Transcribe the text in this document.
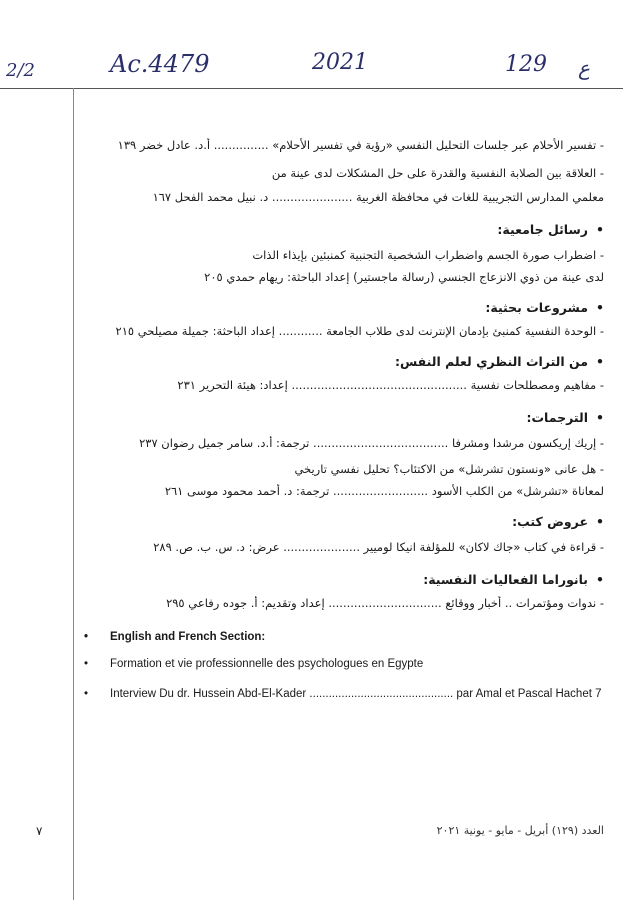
2/2	Ac.4479	2021	129 ع
- تفسير الأحلام عبر جلسات التحليل النفسي «رؤية في تفسير الأحلام» ............... أ.د. عادل خضر ١٣٩
- العلاقة بين الصلابة النفسية والقدرة على حل المشكلات لدى عينة من
معلمي المدارس التجريبية للغات في محافظة الغربية ...................... د. نبيل محمد الفحل ١٦٧
•رسائل جامعية:
- اضطراب صورة الجسم واضطراب الشخصية التجنبية كمنبئين بإيذاء الذات
لدى عينة من ذوي الانزعاج الجنسي (رسالة ماجستير) إعداد الباحثة: ريهام حمدي ٢٠٥
•مشروعات بحثية:
- الوحدة النفسية كمنبئ بإدمان الإنترنت لدى طلاب الجامعة ............ إعداد الباحثة: جميلة مصيلحي ٢١٥
•من التراث النظري لعلم النفس:
- مفاهيم ومصطلحات نفسية ................................................ إعداد: هيئة التحرير ٢٣١
•الترجمات:
- إريك إريكسون مرشدا ومشرفا ..................................... ترجمة: أ.د. سامر جميل رضوان ٢٣٧
- هل عانى «ونستون تشرشل» من الاكتئاب؟ تحليل نفسي تاريخي
لمعاناة «تشرشل» من الكلب الأسود .......................... ترجمة: د. أحمد محمود موسى ٢٦١
•عروض كتب:
- قراءة في كتاب «جاك لاكان» للمؤلفة انيكا لوميير ..................... عرض: د. س. ب. ص. ٢٨٩
•بانوراما الفعاليات النفسية:
- ندوات ومؤتمرات .. أخبار ووقائع ............................... إعداد وتقديم: أ. جوده رفاعي ٢٩٥
• English and French Section:
• Formation et vie professionnelle des psychologues en Egypte
• Interview Du dr. Hussein Abd-El-Kader ............................................. par Amal et Pascal Hachet 7
العدد (١٢٩) أبريل - مايو - يونية ٢٠٢١
٧
